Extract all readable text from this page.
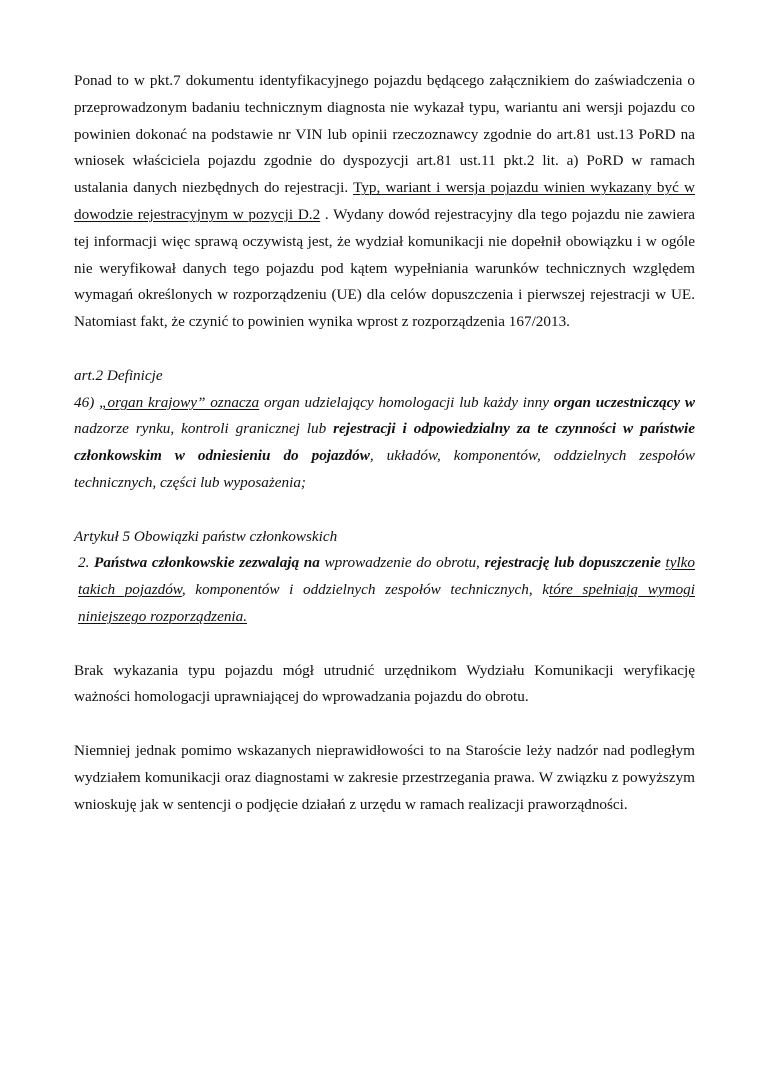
Ponad to w pkt.7 dokumentu identyfikacyjnego pojazdu będącego załącznikiem do zaświadczenia o przeprowadzonym badaniu technicznym diagnosta nie wykazał typu, wariantu ani wersji pojazdu co powinien dokonać na podstawie nr VIN lub opinii rzeczoznawcy zgodnie do art.81 ust.13 PoRD na wniosek właściciela pojazdu zgodnie do dyspozycji art.81 ust.11 pkt.2 lit. a) PoRD w ramach ustalania danych niezbędnych do rejestracji. Typ, wariant i wersja pojazdu winien wykazany być w dowodzie rejestracyjnym w pozycji D.2 . Wydany dowód rejestracyjny dla tego pojazdu nie zawiera tej informacji więc sprawą oczywistą jest, że wydział komunikacji nie dopełnił obowiązku i w ogóle nie weryfikował danych tego pojazdu pod kątem wypełniania warunków technicznych względem wymagań określonych w rozporządzeniu (UE) dla celów dopuszczenia i pierwszej rejestracji w UE. Natomiast fakt, że czynić to powinien wynika wprost z rozporządzenia 167/2013.

art.2 Definicje

46) „organ krajowy” oznacza organ udzielający homologacji lub każdy inny organ uczestniczący w nadzorze rynku, kontroli granicznej lub rejestracji i odpowiedzialny za te czynności w państwie członkowskim w odniesieniu do pojazdów, układów, komponentów, oddzielnych zespołów technicznych, części lub wyposażenia;

Artykuł 5 Obowiązki państw członkowskich

2. Państwa członkowskie zezwalają na wprowadzenie do obrotu, rejestrację lub dopuszczenie tylko takich pojazdów, komponentów i oddzielnych zespołów technicznych, które spełniają wymogi niniejszego rozporządzenia.

Brak wykazania typu pojazdu mógł utrudnić urzędnikom Wydziału Komunikacji weryfikację ważności homologacji uprawniającej do wprowadzania pojazdu do obrotu.

Niemniej jednak pomimo wskazanych nieprawidłowości to na Staroście leży nadzór nad podległym wydziałem komunikacji oraz diagnostami w zakresie przestrzegania prawa. W związku z powyższym wnioskuję jak w sentencji o podjęcie działań z urzędu w ramach realizacji praworządności.
